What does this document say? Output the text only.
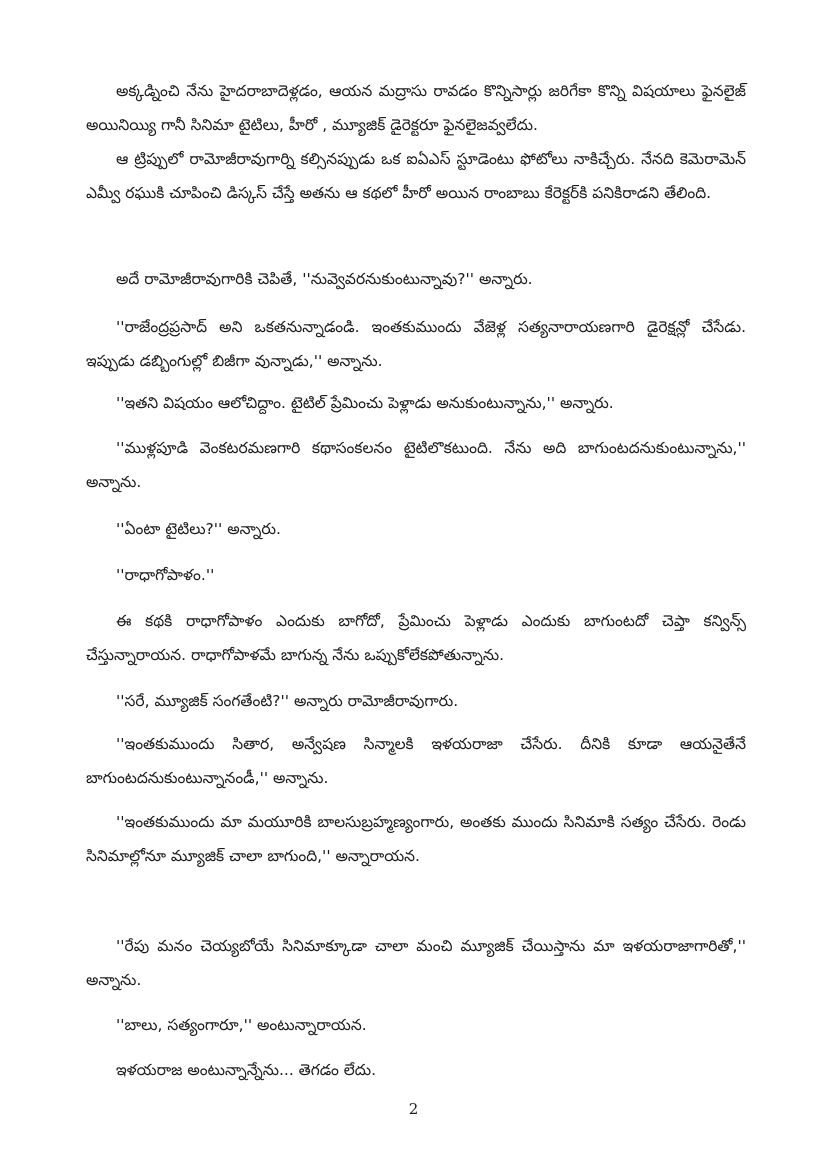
అక్కడ్నించి నేను హైదరాబాదెళ్లడం, ఆయన మద్రాసు రావడం కొన్నిసార్లు జరిగేకా కొన్ని విషయాలు ఫైనలైజ్ అయినియ్యి గానీ సినిమా టైటిలు, హీరో , మ్యూజిక్ డైరెక్టరూ ఫైనలైజవ్వలేదు.

ఆ ట్రిప్పులో రామోజీరావుగార్ని కల్సినప్పుడు ఒక ఐఏఎస్ స్టూడెంటు ఫోటోలు నాకిచ్చేరు. నేనది కెమెరామెన్ ఎమ్వీ రఘుకి చూపించి డిస్కస్ చేస్తే అతను ఆ కథలో హీరో అయిన రాంబాబు కేరెక్టర్‌కి పనికిరాడని తేలింది.

అదే రామోజీరావుగారికి చెపితే, ''నువ్వెవరనుకుంటున్నావు?'' అన్నారు.

''రాజేంద్రప్రసాద్ అని ఒకతనున్నాడండి. ఇంతకుముందు వేజెళ్ల సత్యనారాయణగారి డైరెక్షన్లో చేసేడు. ఇప్పుడు డబ్బింగుల్లో బిజీగా వున్నాడు,'' అన్నాను.

''ఇతని విషయం ఆలోచిద్దాం. టైటిల్ ప్రేమించు పెళ్లాడు అనుకుంటున్నాను,'' అన్నారు.

''ముళ్లపూడి వెంకటరమణగారి కథాసంకలనం టైటిలొకటుంది. నేను అది బాగుంటదనుకుంటున్నాను,'' అన్నాను.

''ఏంటా టైటిలు?'' అన్నారు.

''రాధాగోపాళం.''

ఈ కథకి రాధాగోపాళం ఎందుకు బాగోదో, ప్రేమించు పెళ్లాడు ఎందుకు బాగుంటదో చెప్తా కన్విన్స్ చేస్తున్నారాయన. రాధాగోపాళమే బాగున్న నేను ఒప్పుకోలేకపోతున్నాను.

''సరే, మ్యూజిక్ సంగతేంటి?'' అన్నారు రామోజీరావుగారు.

''ఇంతకుముందు సితార, అన్వేషణ సిన్మాలకి ఇళయరాజా చేసేరు. దీనికి కూడా ఆయనైతేనే బాగుంటదనుకుంటున్నానండీ,'' అన్నాను.

''ఇంతకుముందు మా మయూరికి బాలసుబ్రహ్మణ్యంగారు, అంతకు ముందు సినిమాకి సత్యం చేసేరు. రెండు సినిమాల్లోనూ మ్యూజిక్ చాలా బాగుంది,'' అన్నారాయన.

''రేపు మనం చెయ్యబోయే సినిమాక్కూడా చాలా మంచి మ్యూజిక్ చేయిస్తాను మా ఇళయరాజాగారితో,'' అన్నాను.

''బాలు, సత్యంగారూ,'' అంటున్నారాయన.

ఇళయరాజ అంటున్నాన్నేను... తెగడం లేదు.

2
